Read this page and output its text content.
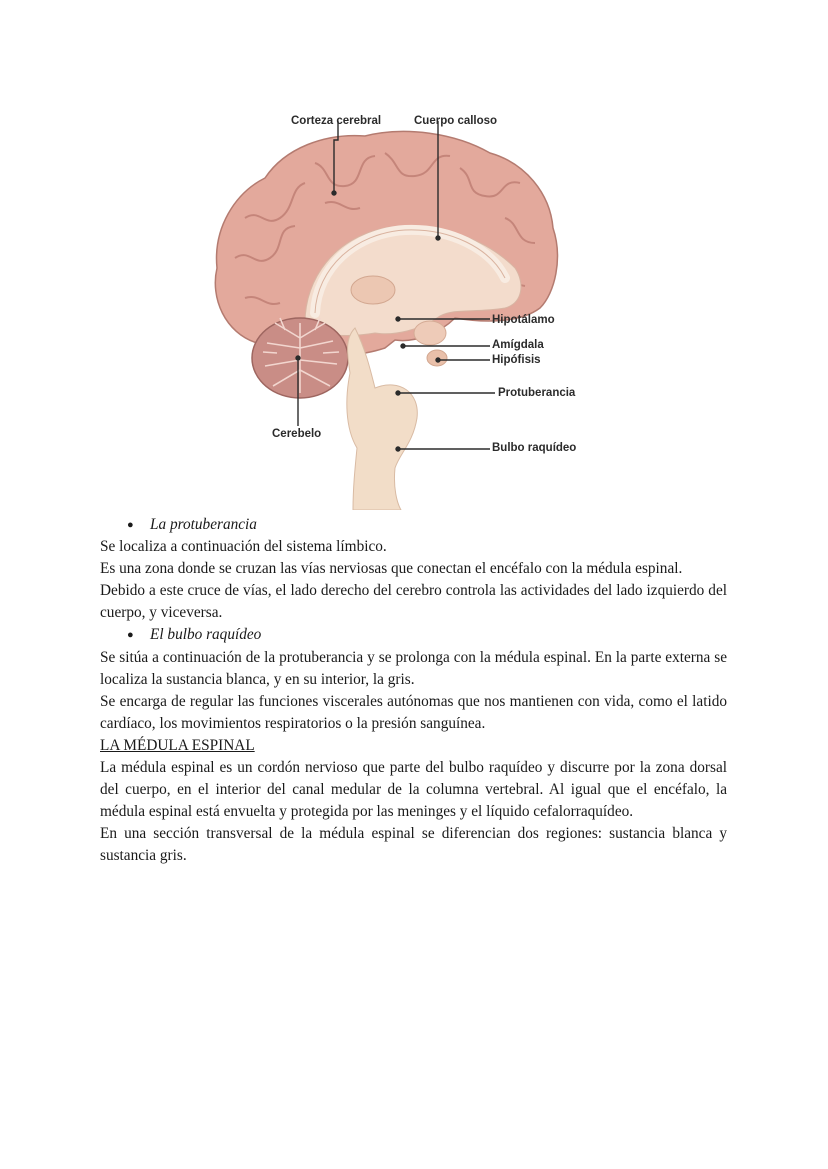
Corteza cerebral	Cuerpo calloso
Hipotálamo
Amígdala
Hipófisis
Protuberancia
Bulbo raquídeo
Cerebelo
● La protuberancia

Se localiza a continuación del sistema límbico.

Es una zona donde se cruzan las vías nerviosas que conectan el encéfalo con la médula espinal.

Debido a este cruce de vías, el lado derecho del cerebro controla las actividades del lado izquierdo del cuerpo, y viceversa.

● El bulbo raquídeo

Se sitúa a continuación de la protuberancia y se prolonga con la médula espinal. En la parte externa se localiza la sustancia blanca, y en su interior, la gris.

Se encarga de regular las funciones viscerales autónomas que nos mantienen con vida, como el latido cardíaco, los movimientos respiratorios o la presión sanguínea.

LA MÉDULA ESPINAL

La médula espinal es un cordón nervioso que parte del bulbo raquídeo y discurre por la zona dorsal del cuerpo, en el interior del canal medular de la columna vertebral. Al igual que el encéfalo, la médula espinal está envuelta y protegida por las meninges y el líquido cefalorraquídeo.

En una sección transversal de la médula espinal se diferencian dos regiones: sustancia blanca y sustancia gris.
